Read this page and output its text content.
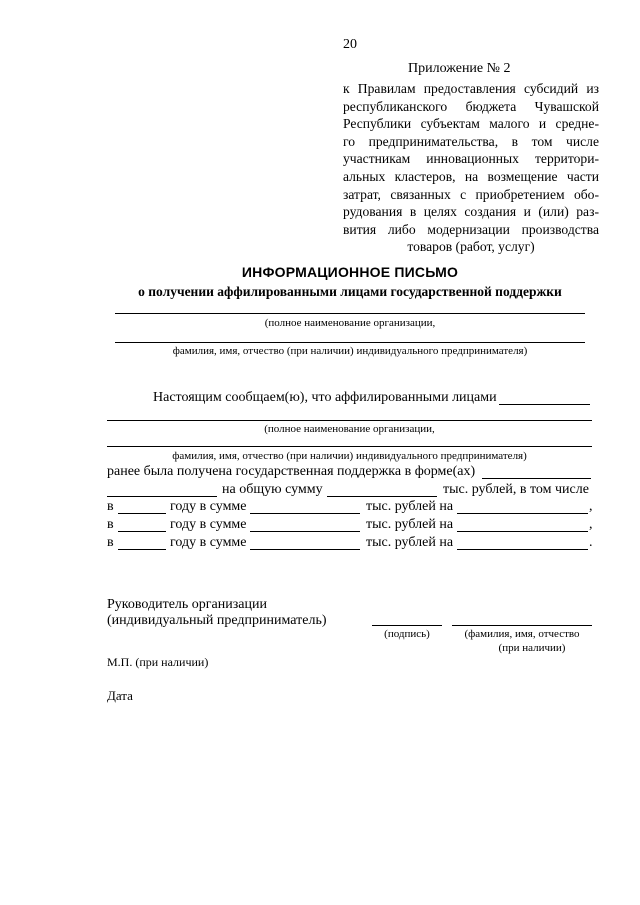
20
Приложение № 2
к Правилам предоставления субсидий из
республиканского бюджета Чувашской
Республики субъектам малого и средне-
го предпринимательства, в том числе
участникам инновационных территори-
альных кластеров, на возмещение части
затрат, связанных с приобретением обо-
рудования в целях создания и (или) раз-
вития либо модернизации производства
товаров (работ, услуг)
ИНФОРМАЦИОННОЕ ПИСЬМО
о получении аффилированными лицами государственной поддержки
(полное наименование организации,
фамилия, имя, отчество (при наличии) индивидуального предпринимателя)
Настоящим сообщаем(ю), что аффилированными лицами
(полное наименование организации,
фамилия, имя, отчество (при наличии) индивидуального предпринимателя)
ранее была получена государственная поддержка в форме(ах)
на общую сумму	тыс. рублей, в том числе
в	году в сумме	тыс. рублей на	,
в	году в сумме	тыс. рублей на	,
в	году в сумме	тыс. рублей на	.
Руководитель организации
(индивидуальный предприниматель)
(подпись)	(фамилия, имя, отчество
(при наличии)
М.П. (при наличии)
Дата
